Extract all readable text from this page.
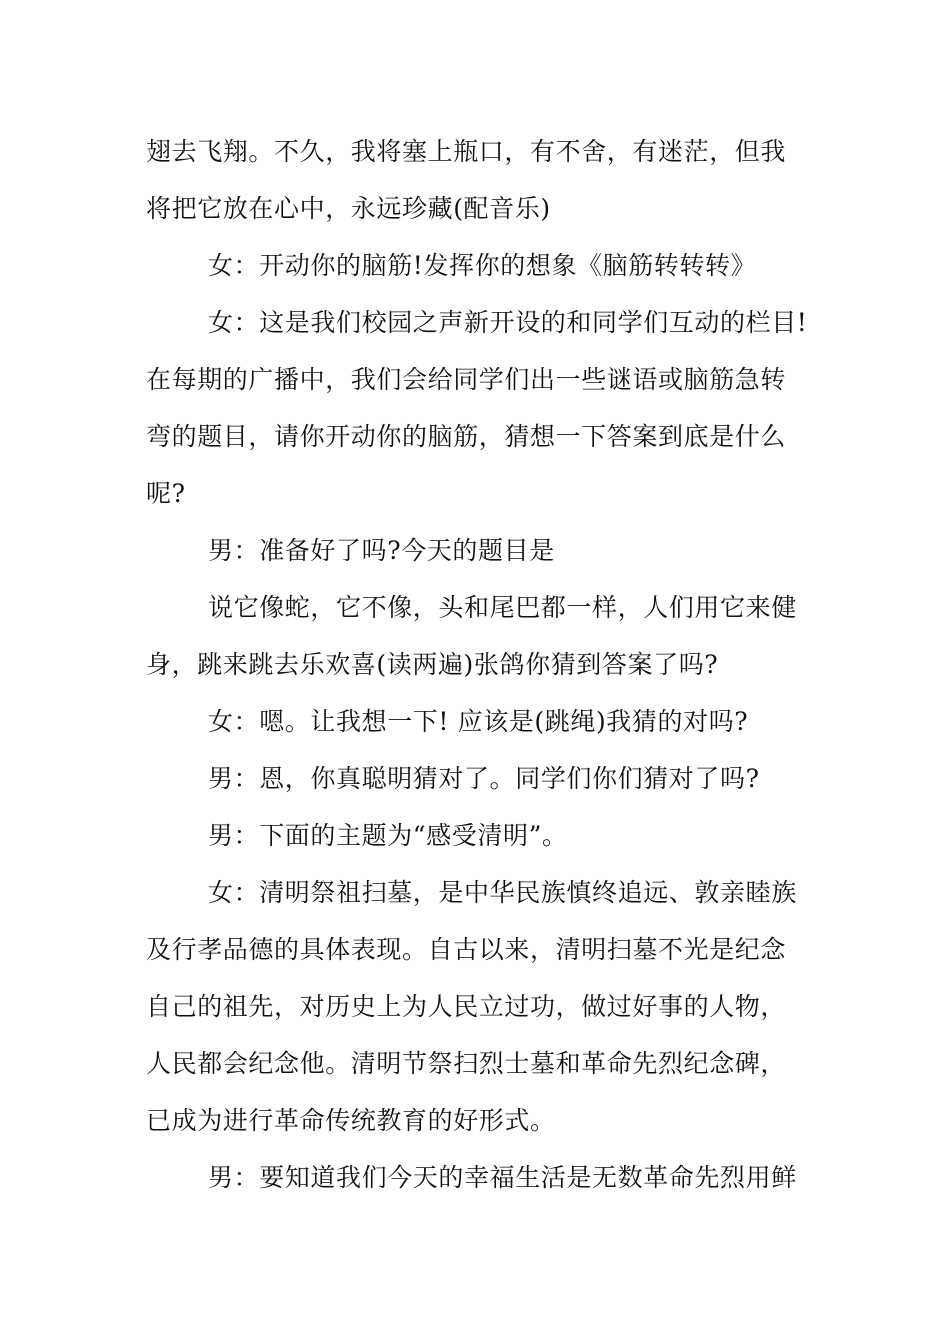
翅去飞翔。不久，我将塞上瓶口，有不舍，有迷茫，但我
将把它放在心中，永远珍藏(配音乐)
女：开动你的脑筋!发挥你的想象《脑筋转转转》
女：这是我们校园之声新开设的和同学们互动的栏目!
在每期的广播中，我们会给同学们出一些谜语或脑筋急转
弯的题目，请你开动你的脑筋，猜想一下答案到底是什么
呢?
男：准备好了吗?今天的题目是
说它像蛇，它不像，头和尾巴都一样，人们用它来健
身，跳来跳去乐欢喜(读两遍)张鸽你猜到答案了吗?
女：嗯。让我想一下! 应该是(跳绳)我猜的对吗?
男：恩，你真聪明猜对了。同学们你们猜对了吗?
男：下面的主题为“感受清明”。
女：清明祭祖扫墓，是中华民族慎终追远、敦亲睦族
及行孝品德的具体表现。自古以来，清明扫墓不光是纪念
自己的祖先，对历史上为人民立过功，做过好事的人物，
人民都会纪念他。清明节祭扫烈士墓和革命先烈纪念碑，
已成为进行革命传统教育的好形式。
男：要知道我们今天的幸福生活是无数革命先烈用鲜
